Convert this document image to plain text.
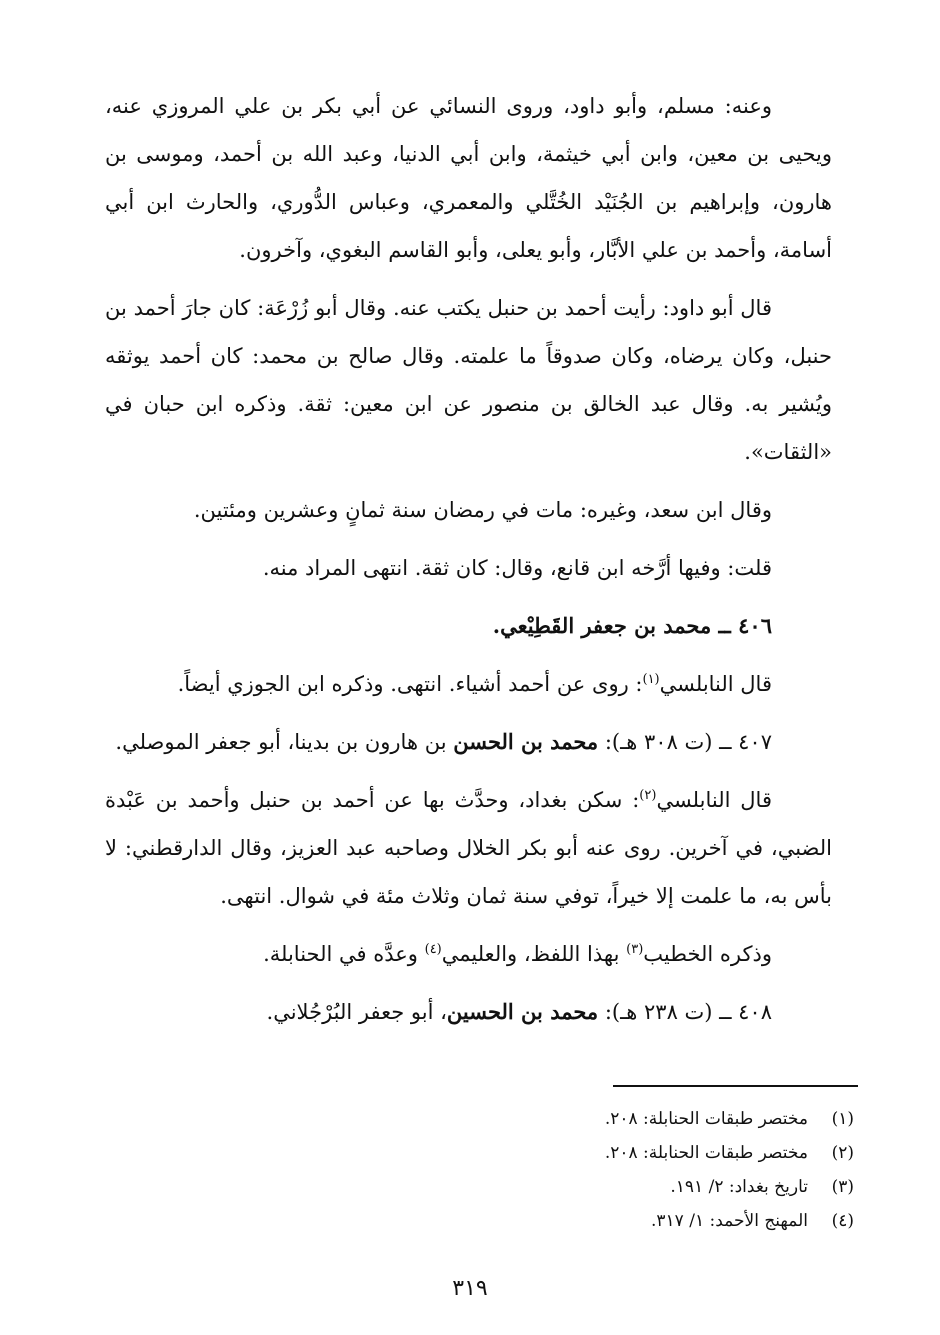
وعنه: مسلم، وأبو داود، وروى النسائي عن أبي بكر بن علي المروزي عنه، ويحيى بن معين، وابن أبي خيثمة، وابن أبي الدنيا، وعبد الله بن أحمد، وموسى بن هارون، وإبراهيم بن الجُنَيْد الخُتَّلي والمعمري، وعباس الدُّوري، والحارث ابن أبي أسامة، وأحمد بن علي الأبَّار، وأبو يعلى، وأبو القاسم البغوي، وآخرون.

قال أبو داود: رأيت أحمد بن حنبل يكتب عنه. وقال أبو زُرْعَة: كان جارَ أحمد بن حنبل، وكان يرضاه، وكان صدوقاً ما علمته. وقال صالح بن محمد: كان أحمد يوثقه ويُشير به. وقال عبد الخالق بن منصور عن ابن معين: ثقة. وذكره ابن حبان في «الثقات».

وقال ابن سعد، وغيره: مات في رمضان سنة ثمانٍ وعشرين ومئتين.

قلت: وفيها أرَّخه ابن قانع، وقال: كان ثقة. انتهى المراد منه.

٤٠٦ ــ محمد بن جعفر القَطِيْعي.

قال النابلسي$^{(١)}$: روى عن أحمد أشياء. انتهى. وذكره ابن الجوزي أيضاً.

٤٠٧ ــ (ت ٣٠٨ هـ): محمد بن الحسن بن هارون بن بدينا، أبو جعفر الموصلي.

قال النابلسي$^{(٢)}$: سكن بغداد، وحدَّث بها عن أحمد بن حنبل وأحمد بن عَبْدة الضبي، في آخرين. روى عنه أبو بكر الخلال وصاحبه عبد العزيز، وقال الدارقطني: لا بأس به، ما علمت إلا خيراً، توفي سنة ثمان وثلاث مئة في شوال. انتهى.

وذكره الخطيب$^{(٣)}$ بهذا اللفظ، والعليمي$^{(٤)}$ وعدَّه في الحنابلة.

٤٠٨ ــ (ت ٢٣٨ هـ): محمد بن الحسين، أبو جعفر البُرْجُلاني.

(١)
مختصر طبقات الحنابلة: ٢٠٨.
(٢)
مختصر طبقات الحنابلة: ٢٠٨.
(٣)
تاريخ بغداد: ٢/ ١٩١.
(٤)
المهنج الأحمد: ١/ ٣١٧.
٣١٩
